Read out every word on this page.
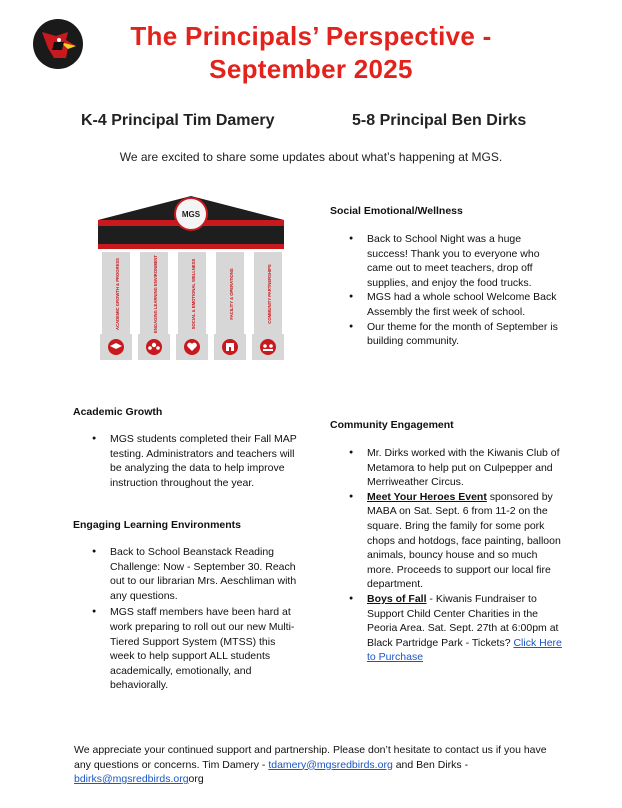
The Principals’ Perspective -
September 2025
K-4 Principal Tim Damery	5-8 Principal Ben Dirks
We are excited to share some updates about what’s happening at MGS.
MGS
ACADEMIC GROWTH & PROGRESS	ENGAGING LEARNING ENVIRONMENT	SOCIAL & EMOTIONAL WELLNESS	FACILITY & OPERATIONS	COMMUNITY PARTNERSHIPS
Social Emotional/Wellness
● Back to School Night was a huge success! Thank you to everyone who came out to meet teachers, drop off supplies, and enjoy the food trucks.
● MGS had a whole school Welcome Back Assembly the first week of school.
● Our theme for the month of September is building community.
Academic Growth
● MGS students completed their Fall MAP testing. Administrators and teachers will be analyzing the data to help improve instruction throughout the year.
Engaging Learning Environments
● Back to School Beanstack Reading Challenge: Now - September 30. Reach out to our librarian Mrs. Aeschliman with any questions.
● MGS staff members have been hard at work preparing to roll out our new Multi-Tiered Support System (MTSS) this week to help support ALL students academically, emotionally, and behaviorally.
Community Engagement
● Mr. Dirks worked with the Kiwanis Club of Metamora to help put on Culpepper and Merriweather Circus.
● Meet Your Heroes Event sponsored by MABA on Sat. Sept. 6 from 11-2 on the square. Bring the family for some pork chops and hotdogs, face painting, balloon animals, bouncy house and so much more. Proceeds to support our local fire department.
● Boys of Fall - Kiwanis Fundraiser to Support Child Center Charities in the Peoria Area. Sat. Sept. 27th at 6:00pm at Black Partridge Park - Tickets? Click Here to Purchase
We appreciate your continued support and partnership. Please don’t hesitate to contact us if you have any questions or concerns. Tim Damery - tdamery@mgsredbirds.org and Ben Dirks - bdirks@mgsredbirds.orgorg
